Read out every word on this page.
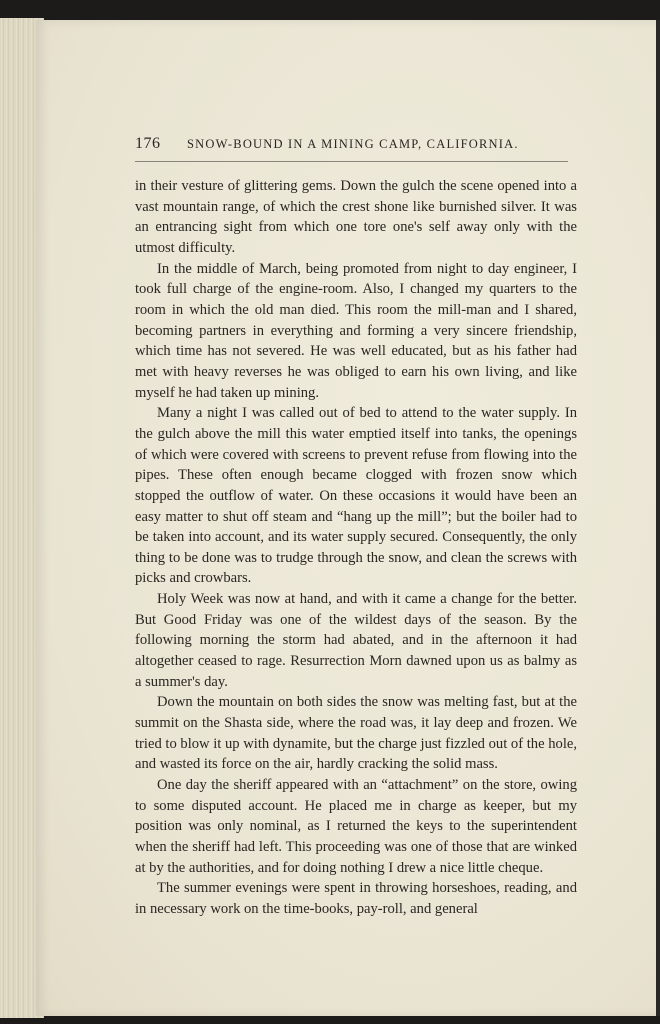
176	SNOW-BOUND IN A MINING CAMP, CALIFORNIA.

in their vesture of glittering gems. Down the gulch the scene opened into a vast mountain range, of which the crest shone like burnished silver. It was an entrancing sight from which one tore one's self away only with the utmost difficulty.

In the middle of March, being promoted from night to day engineer, I took full charge of the engine-room. Also, I changed my quarters to the room in which the old man died. This room the mill-man and I shared, becoming partners in everything and forming a very sincere friendship, which time has not severed. He was well educated, but as his father had met with heavy reverses he was obliged to earn his own living, and like myself he had taken up mining.

Many a night I was called out of bed to attend to the water supply. In the gulch above the mill this water emptied itself into tanks, the openings of which were covered with screens to prevent refuse from flowing into the pipes. These often enough became clogged with frozen snow which stopped the outflow of water. On these occasions it would have been an easy matter to shut off steam and “hang up the mill”; but the boiler had to be taken into account, and its water supply secured. Consequently, the only thing to be done was to trudge through the snow, and clean the screws with picks and crowbars.

Holy Week was now at hand, and with it came a change for the better. But Good Friday was one of the wildest days of the season. By the following morning the storm had abated, and in the afternoon it had altogether ceased to rage. Resurrection Morn dawned upon us as balmy as a summer's day.

Down the mountain on both sides the snow was melting fast, but at the summit on the Shasta side, where the road was, it lay deep and frozen. We tried to blow it up with dynamite, but the charge just fizzled out of the hole, and wasted its force on the air, hardly cracking the solid mass.

One day the sheriff appeared with an “attachment” on the store, owing to some disputed account. He placed me in charge as keeper, but my position was only nominal, as I returned the keys to the superintendent when the sheriff had left. This proceeding was one of those that are winked at by the authorities, and for doing nothing I drew a nice little cheque.

The summer evenings were spent in throwing horseshoes, reading, and in necessary work on the time-books, pay-roll, and general
